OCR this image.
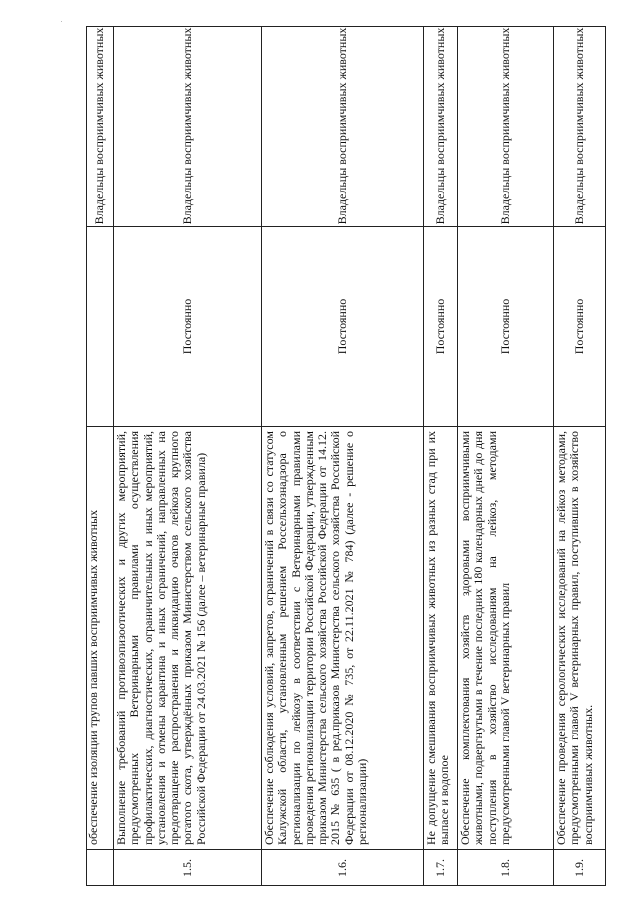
обеспечение изоляции трупов павших восприимчивых животных
Владельцы восприимчивых животных
1.5.
Выполнение требований противоэпизоотических и других мероприятий, предусмотренных Ветеринарными правилами осуществления профилактических, диагностических, ограничительных и иных мероприятий, установления и отмены карантина и иных ограничений, направленных на предотвращение распространения и ликвидацию очагов лейкоза крупного рогатого скота, утверждённых приказом Министерством сельского хозяйства Российской Федерации от 24.03.2021 № 156 (далее – ветеринарные правила)
Постоянно
Владельцы восприимчивых животных
1.6.
Обеспечение соблюдения условий, запретов, ограничений в связи со статусом Калужской области, установленным решением Россельхознадзора о регионализации по лейкозу в соответствии с Ветеринарными правилами проведения регионализации территории Российской Федерации, утвержденным приказом Министерства сельского хозяйства Российской Федерации от 14.12. 2015 № 635 ( в ред.приказов Министерства сельского хозяйства Российской Федерации от 08.12.2020 № 735, от 22.11.2021 № 784) (далее - решение о регионализации)
Постоянно
Владельцы восприимчивых животных
1.7.
Не допущение смешивания восприимчивых животных из разных стад при их выпасе и водопое
Постоянно
Владельцы восприимчивых животных
1.8.
Обеспечение комплектования хозяйств здоровыми восприимчивыми животными, подвергнутыми в течение последних 180 календарных дней до дня поступления в хозяйство исследованиям на лейкоз, методами предусмотренными главой V ветеринарных правил
Постоянно
Владельцы восприимчивых животных
1.9.
Обеспечение проведения серологических исследований на лейкоз методами, предусмотренными главой V ветеринарных правил, поступивших в хозяйство восприимчивых животных.
Постоянно
Владельцы восприимчивых животных
